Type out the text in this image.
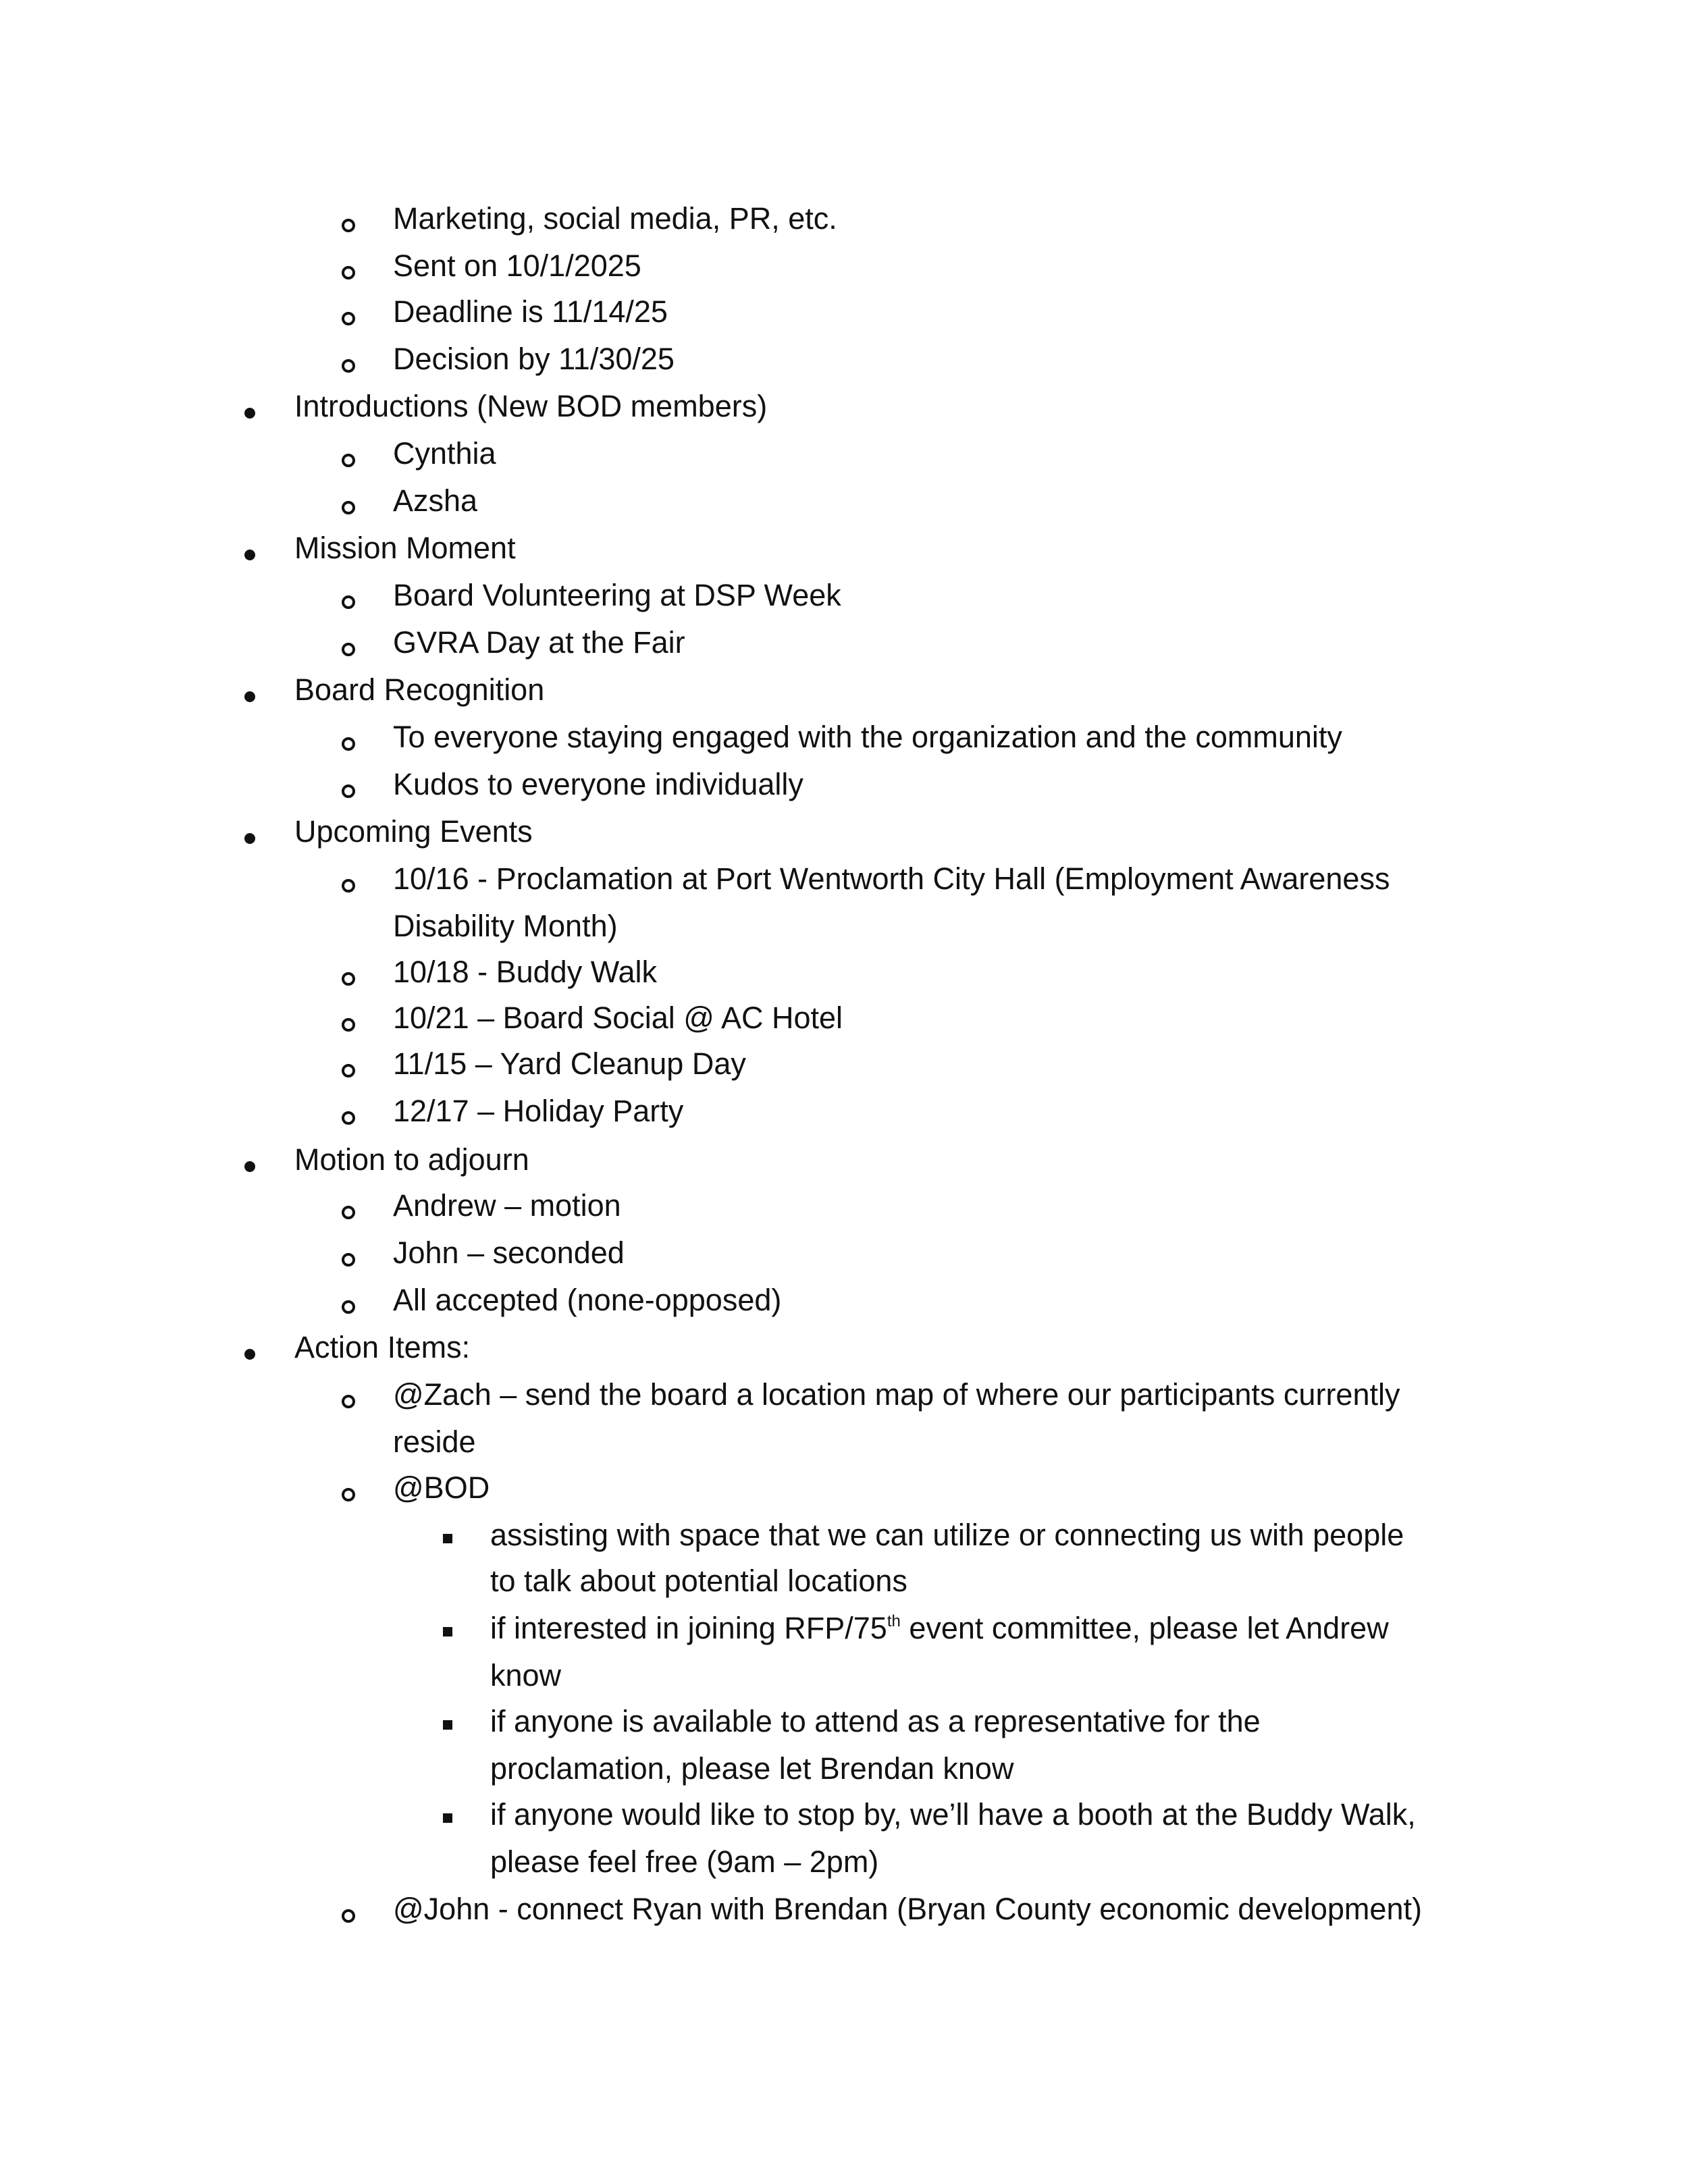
Marketing, social media, PR, etc.
Sent on 10/1/2025
Deadline is 11/14/25
Decision by 11/30/25
Introductions (New BOD members)
Cynthia
Azsha
Mission Moment
Board Volunteering at DSP Week
GVRA Day at the Fair
Board Recognition
To everyone staying engaged with the organization and the community
Kudos to everyone individually
Upcoming Events
10/16 - Proclamation at Port Wentworth City Hall (Employment Awareness
Disability Month)
10/18 - Buddy Walk
10/21 – Board Social @ AC Hotel
11/15 – Yard Cleanup Day
12/17 – Holiday Party
Motion to adjourn
Andrew – motion
John – seconded
All accepted (none-opposed)
Action Items:
@Zach – send the board a location map of where our participants currently
reside
@BOD
assisting with space that we can utilize or connecting us with people
to talk about potential locations
if interested in joining RFP/75th event committee, please let Andrew
know
if anyone is available to attend as a representative for the
proclamation, please let Brendan know
if anyone would like to stop by, we’ll have a booth at the Buddy Walk,
please feel free (9am – 2pm)
@John - connect Ryan with Brendan (Bryan County economic development)
